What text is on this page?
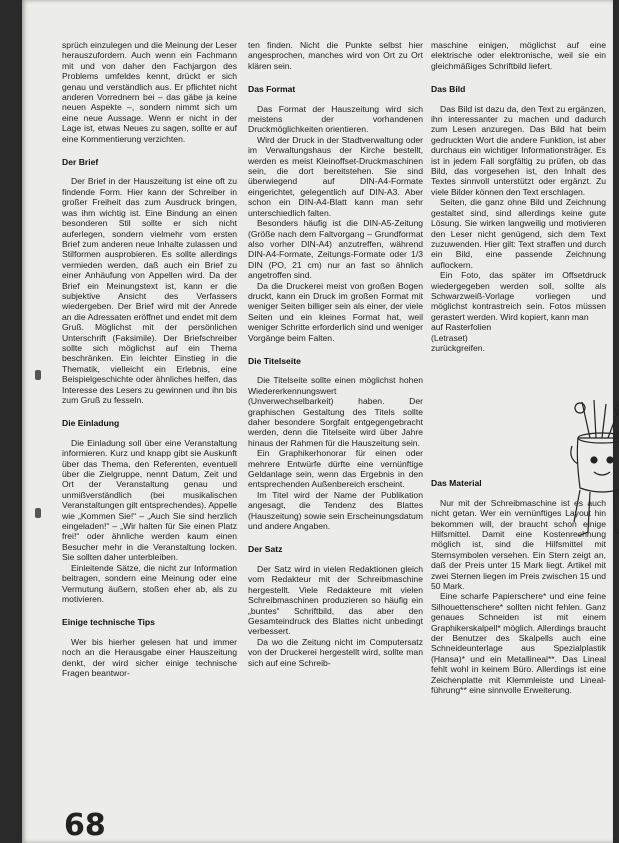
sprüch einzulegen und die Meinung der Leser herauszufordern. Auch wenn ein Fachmann mit und von daher den Fachjargon des Problems umfeldes kennt, drückt er sich genau und verständlich aus. Er pflichtet nicht anderen Vorrednern bei – das gäbe ja keine neuen Aspekte –, sondern nimmt sich um eine neue Aussage. Wenn er nicht in der Lage ist, etwas Neues zu sagen, sollte er auf eine Kommentierung verzichten.

Der Brief

Der Brief in der Hauszeitung ist eine oft zu findende Form. Hier kann der Schreiber in großer Freiheit das zum Ausdruck bringen, was ihm wichtig ist. Eine Bindung an einen besonderen Stil sollte er sich nicht auferlegen, sondern vielmehr vom ersten Brief zum anderen neue Inhalte zulassen und Stilformen ausprobieren. Es sollte allerdings vermieden werden, daß auch ein Brief zu einer Anhäufung von Appellen wird. Da der Brief ein Meinungstext ist, kann er die subjektive Ansicht des Verfassers wiedergeben. Der Brief wird mit der Anrede an die Adressaten eröffnet und endet mit dem Gruß. Möglichst mit der persönlichen Unterschrift (Faksimile). Der Briefschreiber sollte sich möglichst auf ein Thema beschränken. Ein leichter Einstieg in die Thematik, vielleicht ein Erlebnis, eine Beispielgeschichte oder ähnliches helfen, das Interesse des Lesers zu gewinnen und ihn bis zum Gruß zu fesseln.

Die Einladung

Die Einladung soll über eine Veranstaltung informieren. Kurz und knapp gibt sie Auskunft über das Thema, den Referenten, eventuell über die Zielgruppe, nennt Datum, Zeit und Ort der Veranstaltung genau und unmißverständlich (bei musikalischen Veranstaltungen gilt entsprechendes). Appelle wie „Kommen Sie!“ – „Auch Sie sind herzlich eingeladen!“ – „Wir halten für Sie einen Platz frei!“ oder ähnliche werden kaum einen Besucher mehr in die Veranstaltung locken. Sie sollten daher unterbleiben.

Einleitende Sätze, die nicht zur Information beitragen, sondern eine Meinung oder eine Vermutung äußern, stoßen eher ab, als zu motivieren.

Einige technische Tips

Wer bis hierher gelesen hat und immer noch an die Herausgabe einer Hauszeitung denkt, der wird sicher einige technische Fragen beantwor-

ten finden. Nicht die Punkte selbst hier angesprochen, manches wird von Ort zu Ort klären sein.

Das Format

Das Format der Hauszeitung wird sich meistens der vorhandenen Druckmöglichkeiten orientieren.

Wird der Druck in der Stadtverwaltung oder im Verwaltungshaus der Kirche bestellt, werden es meist Kleinoffset-Druckmaschinen sein, die dort bereitstehen. Sie sind überwiegend auf DIN-A4-Formate eingerichtet, gelegentlich auf DIN-A3. Aber schon ein DIN-A4-Blatt kann man sehr unterschiedlich falten.

Besonders häufig ist die DIN-A5-Zeitung (Größe nach dem Faltvorgang – Grundformat also vorher DIN-A4) anzutreffen, während DIN-A4-Formate, Zeitungs-Formate oder 1/3 DIN (PO, 21 cm) nur an fast so ähnlich angetroffen sind.

Da die Druckerei meist von großen Bogen druckt, kann ein Druck im großen Format mit weniger Seiten billiger sein als einer, der viele Seiten und ein kleines Format hat, weil weniger Schritte erforderlich sind und weniger Vorgänge beim Falten.

Die Titelseite

Die Titelseite sollte einen möglichst hohen Wiedererkennungswert (Unverwechselbarkeit) haben. Der graphischen Gestaltung des Titels sollte daher besondere Sorgfalt entgegengebracht werden, denn die Titelseite wird über Jahre hinaus der Rahmen für die Hauszeitung sein.

Ein Graphikerhonorar für einen oder mehrere Entwürfe dürfte eine vernünftige Geldanlage sein, wenn das Ergebnis in den entsprechenden Außenbereich erscheint.

Im Titel wird der Name der Publikation angesagt, die Tendenz des Blattes (Hauszeitung) sowie sein Erscheinungsdatum und andere Angaben.

Der Satz

Der Satz wird in vielen Redaktionen gleich vom Redakteur mit der Schreibmaschine hergestellt. Viele Redakteure mit vielen Schreibmaschinen produzieren so häufig ein „buntes“ Schriftbild, das aber den Gesamteindruck des Blattes nicht unbedingt verbessert.

Da wo die Zeitung nicht im Computersatz von der Druckerei hergestellt wird, sollte man sich auf eine Schreib-

maschine einigen, möglichst auf eine elektrische oder elektronische, weil sie ein gleichmäßiges Schriftbild liefert.

Das Bild

Das Bild ist dazu da, den Text zu ergänzen, ihn interessanter zu machen und dadurch zum Lesen anzuregen. Das Bild hat beim gedruckten Wort die andere Funktion, ist aber durchaus ein wichtiger Informationsträger. Es ist in jedem Fall sorgfältig zu prüfen, ob das Bild, das vorgesehen ist, den Inhalt des Textes sinnvoll unterstützt oder ergänzt. Zu viele Bilder können den Text erschlagen.

Seiten, die ganz ohne Bild und Zeichnung gestaltet sind, sind allerdings keine gute Lösung. Sie wirken langweilig und motivieren den Leser nicht genügend, sich dem Text zuzuwenden. Hier gilt: Text straffen und durch ein Bild, eine passende Zeichnung auflockern.

Ein Foto, das später im Offsetdruck wiedergegeben werden soll, sollte als Schwarzweiß-Vorlage vorliegen und möglichst kontrastreich sein. Fotos müssen gerastert werden. Wird kopiert, kann man

auf Rasterfolien (Letraset) zurückgreifen.

Das Material

Nur mit der Schreibmaschine ist es auch nicht getan. Wer ein vernünftiges Layout hin bekommen will, der braucht schon einige Hilfsmittel. Damit eine Kostenrechnung möglich ist, sind die Hilfsmittel mit Sternsymbolen versehen. Ein Stern zeigt an, daß der Preis unter 15 Mark liegt. Artikel mit zwei Sternen liegen im Preis zwischen 15 und 50 Mark.

Eine scharfe Papierschere* und eine feine Silhouettenschere* sollten nicht fehlen. Ganz genaues Schneiden ist mit einem Graphikerskalpell* möglich. Allerdings braucht der Benutzer des Skalpells auch eine Schneideunterlage aus Spezialplastik (Hansa)* und ein Metallineal**. Das Lineal fehlt wohl in keinem Büro. Allerdings ist eine Zeichenplatte mit Klemmleiste und Lineal-führung** eine sinnvolle Erweiterung.

68
